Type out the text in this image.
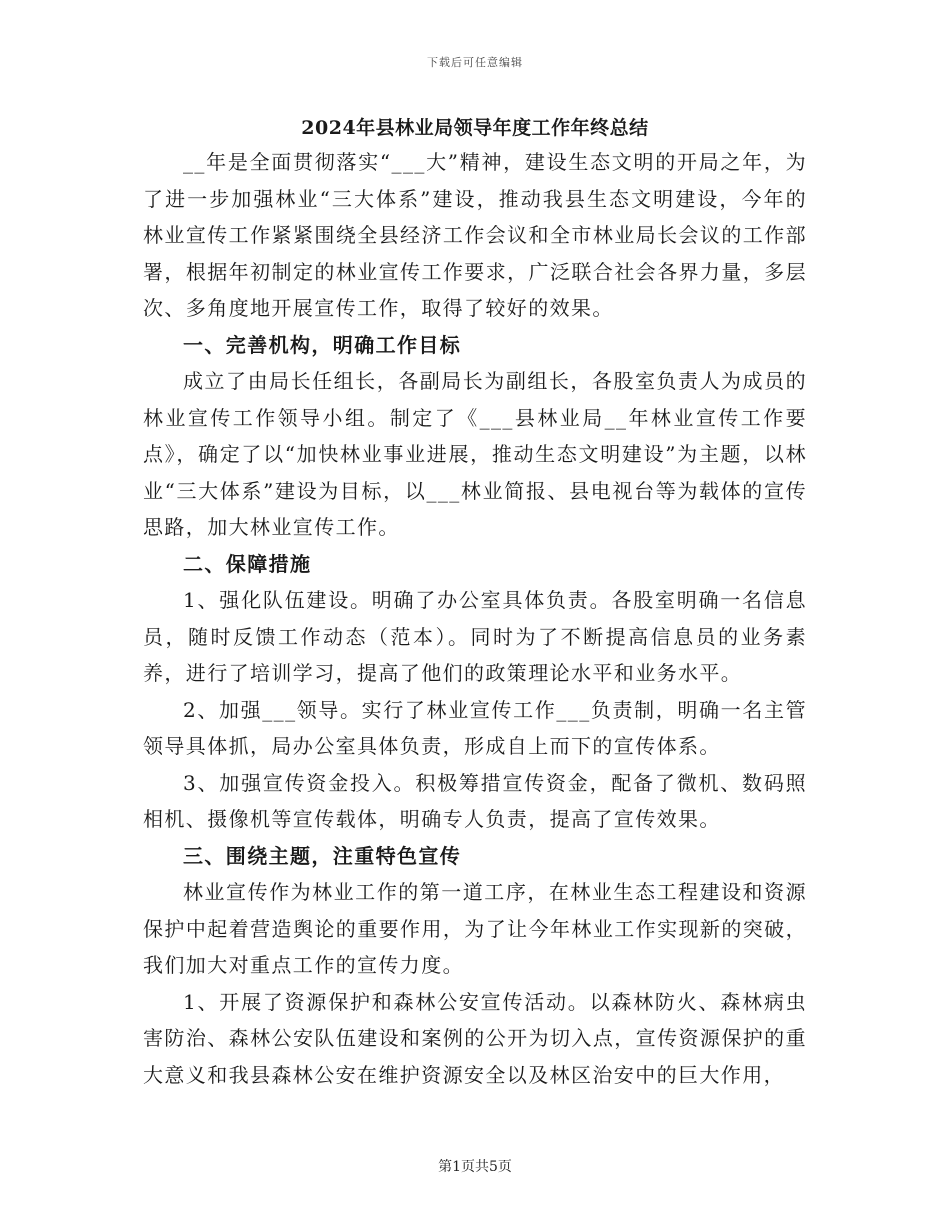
下载后可任意编辑
2024年县林业局领导年度工作年终总结

__年是全面贯彻落实“___大”精神，建设生态文明的开局之年，为了进一步加强林业“三大体系”建设，推动我县生态文明建设，今年的林业宣传工作紧紧围绕全县经济工作会议和全市林业局长会议的工作部署，根据年初制定的林业宣传工作要求，广泛联合社会各界力量，多层次、多角度地开展宣传工作，取得了较好的效果。

一、完善机构，明确工作目标

成立了由局长任组长，各副局长为副组长，各股室负责人为成员的林业宣传工作领导小组。制定了《___县林业局__年林业宣传工作要点》，确定了以“加快林业事业进展，推动生态文明建设”为主题，以林业“三大体系”建设为目标，以___林业简报、县电视台等为载体的宣传思路，加大林业宣传工作。

二、保障措施

1、强化队伍建设。明确了办公室具体负责。各股室明确一名信息员，随时反馈工作动态（范本）。同时为了不断提高信息员的业务素养，进行了培训学习，提高了他们的政策理论水平和业务水平。

2、加强___领导。实行了林业宣传工作___负责制，明确一名主管领导具体抓，局办公室具体负责，形成自上而下的宣传体系。

3、加强宣传资金投入。积极筹措宣传资金，配备了微机、数码照相机、摄像机等宣传载体，明确专人负责，提高了宣传效果。

三、围绕主题，注重特色宣传

林业宣传作为林业工作的第一道工序，在林业生态工程建设和资源保护中起着营造舆论的重要作用，为了让今年林业工作实现新的突破，我们加大对重点工作的宣传力度。

1、开展了资源保护和森林公安宣传活动。以森林防火、森林病虫害防治、森林公安队伍建设和案例的公开为切入点，宣传资源保护的重大意义和我县森林公安在维护资源安全以及林区治安中的巨大作用，

第1页共5页
